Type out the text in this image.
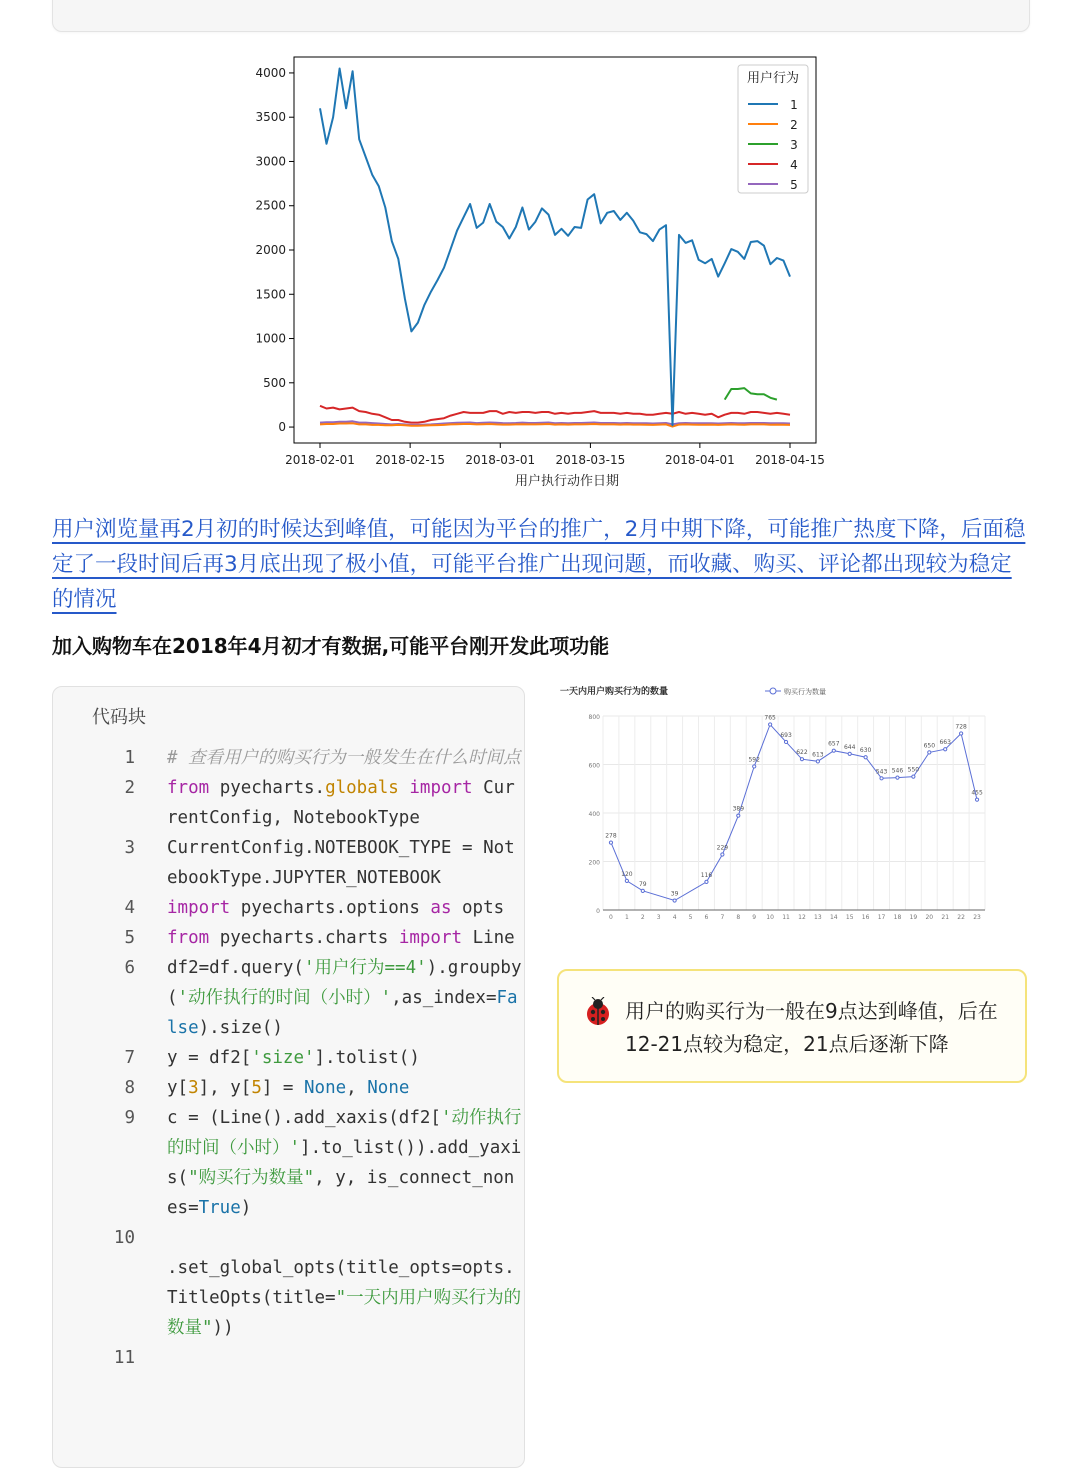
0
500
1000
1500
2000
2500
3000
3500
4000
2018-02-01 2018-02-15 2018-03-01 2018-03-15	2018-04-01 2018-04-15
用户执行动作日期
用户行为
1
2
3
4
5
用户浏览量再2月初的时候达到峰值，可能因为平台的推广，2月中期下降，可能推广热度下降，后面稳定了一段时间后再3月底出现了极小值，可能平台推广出现问题，而收藏、购买、评论都出现较为稳定的情况
加入购物车在2018年4月初才有数据,可能平台刚开发此项功能
代码块
1	# 查看用户的购买行为一般发生在什么时间点
2	from pyecharts.globals import CurrentConfig, NotebookType
3	CurrentConfig.NOTEBOOK_TYPE = NotebookType.JUPYTER_NOTEBOOK
4	import pyecharts.options as opts
5	from pyecharts.charts import Line
6	df2=df.query('用户行为==4').groupby('动作执行的时间（小时）',as_index=False).size()
7	y = df2['size'].tolist()
8	y[3], y[5] = None, None
9	c = (Line().add_xaxis(df2['动作执行的时间（小时）'].to_list()).add_yaxis("购买行为数量", y, is_connect_nones=True)
10

.set_global_opts(title_opts=opts.TitleOpts(title="一天内用户购买行为的数量"))
11

一天内用户购买行为的数量	购买行为数量
0
200
400
600
800
0 1 2 3 4 5 6 7 8 9 10 11 12 13 14 15 16 17 18 19 20 21 22 23
278
120
79
39
116
229
389
592
765
693
622 613
657 644 630
543 546 550
650 663
728
455
用户的购买行为一般在9点达到峰值，后在12-21点较为稳定，21点后逐渐下降
